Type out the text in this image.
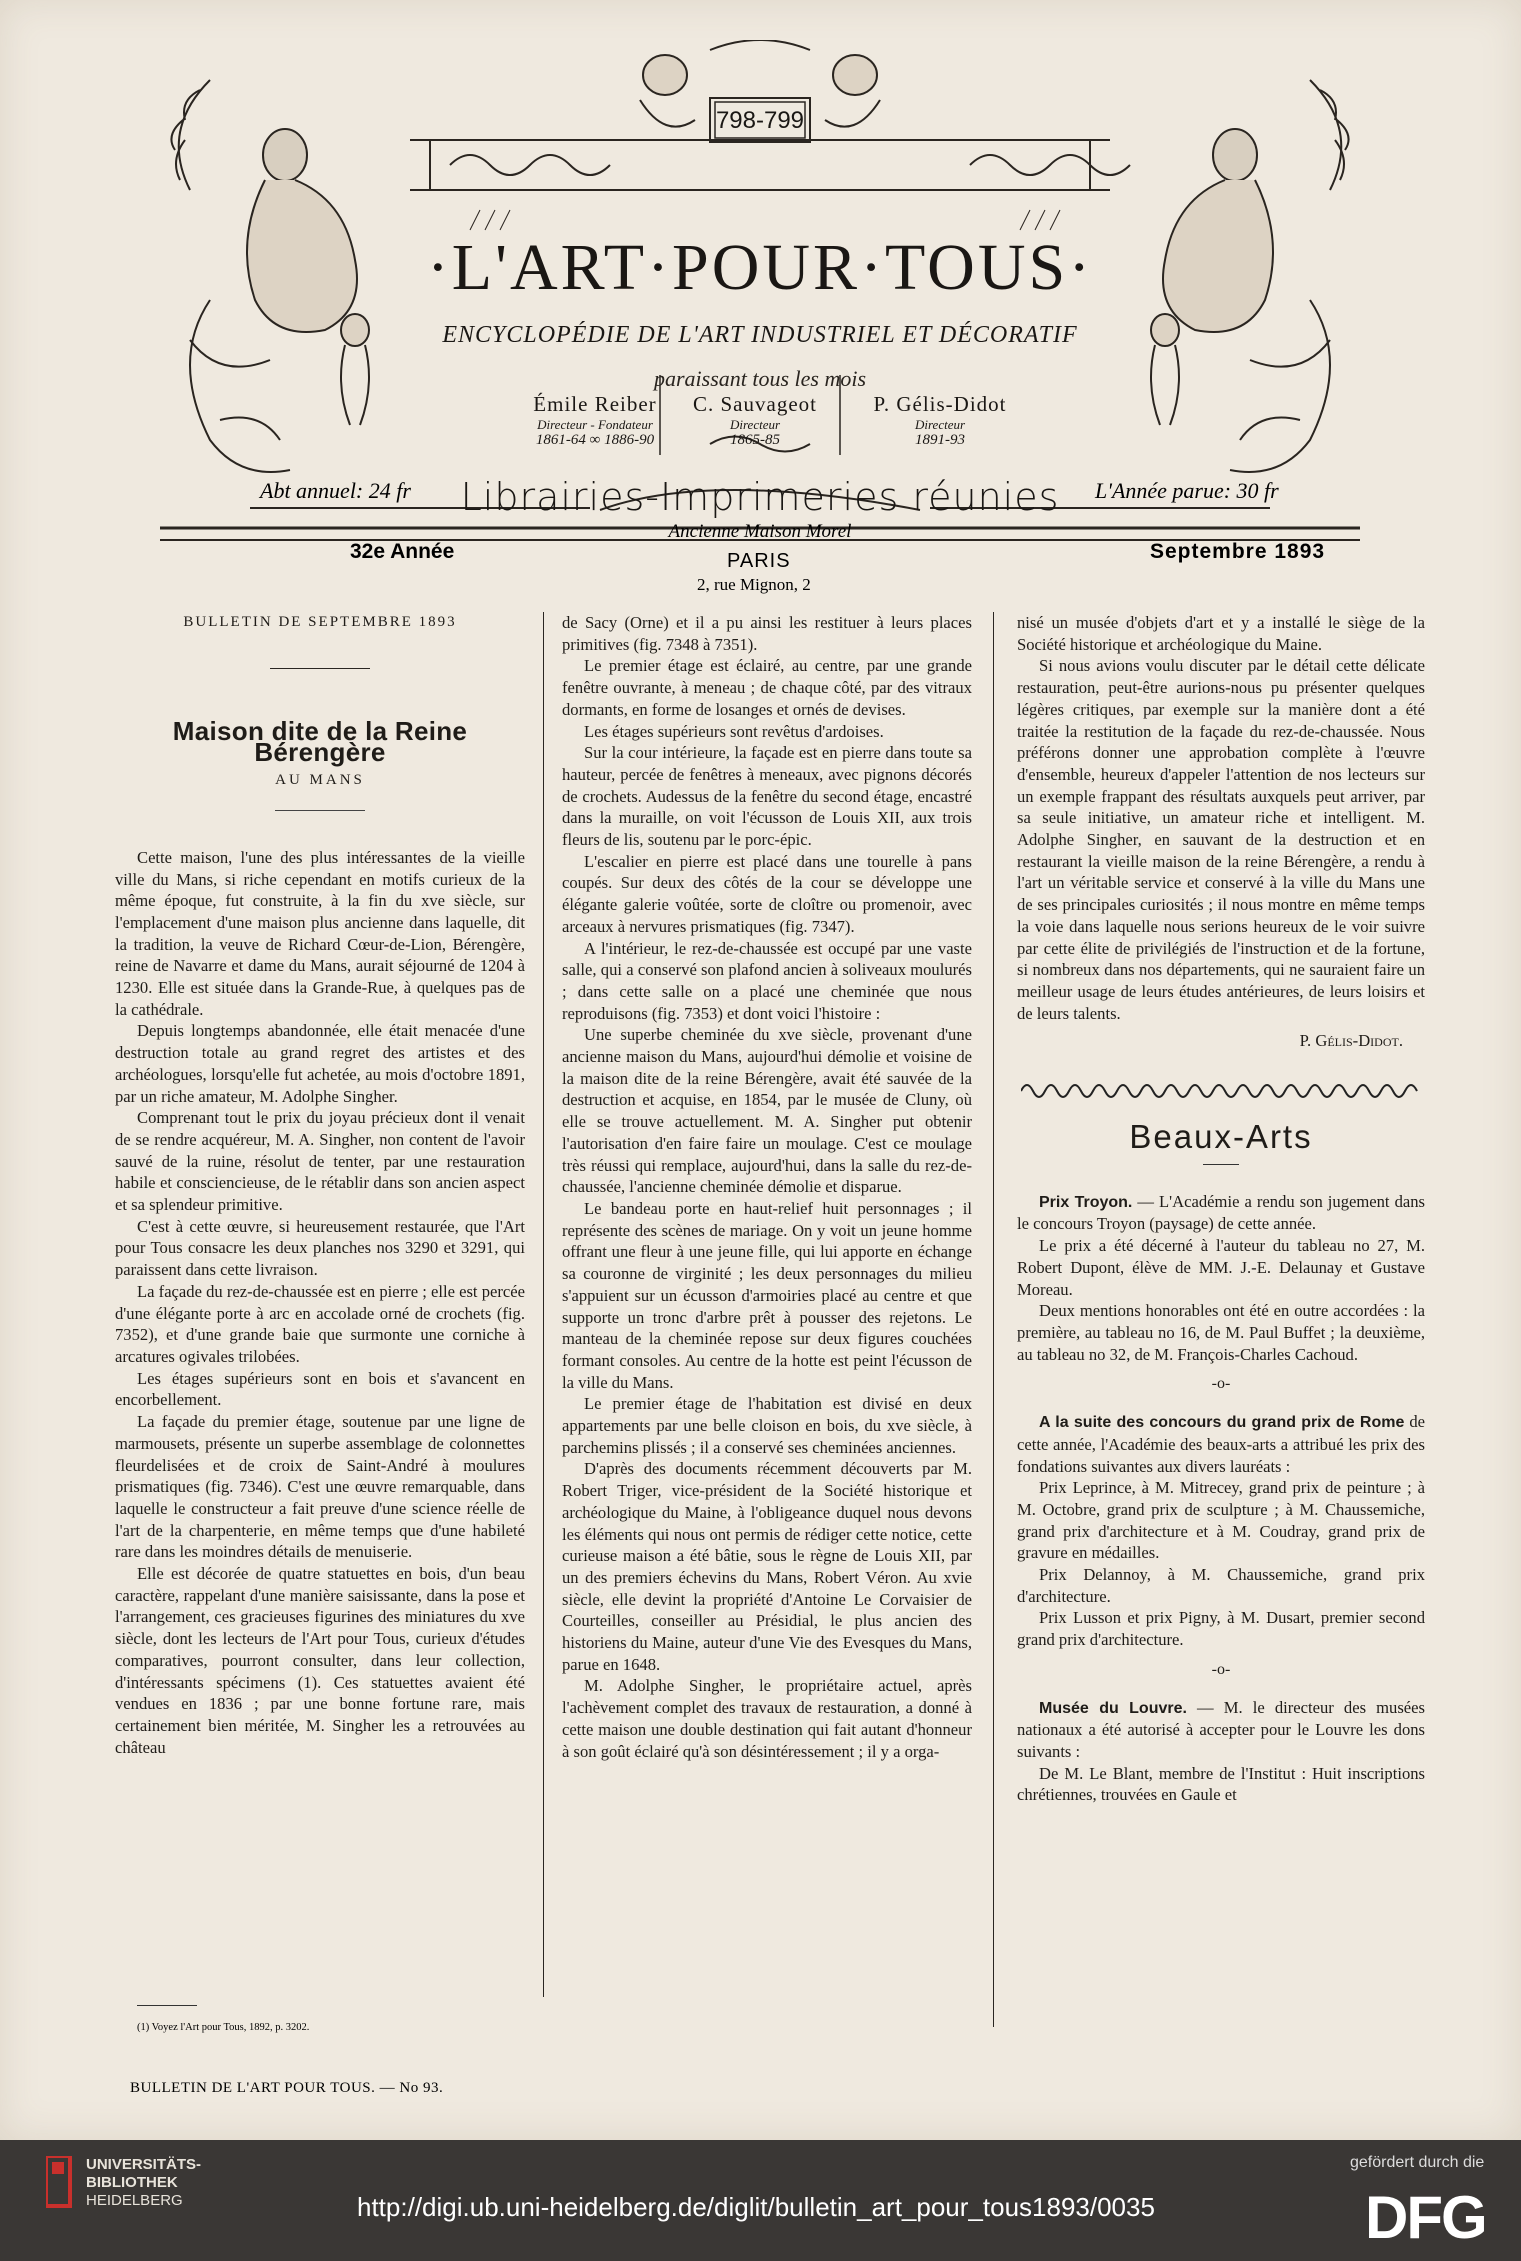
798-799
·L'ART·POUR·TOUS·
ENCYCLOPÉDIE DE L'ART INDUSTRIEL ET DÉCORATIF
paraissant tous les mois
Émile Reiber
Directeur - Fondateur
1861-64 ∞ 1886-90
C. Sauvageot
Directeur
1865-85
P. Gélis-Didot
Directeur
1891-93
Librairies-Imprimeries réunies
Ancienne Maison Morel
Abt annuel: 24 fr	L'Année parue: 30 fr
PARIS
2, rue Mignon, 2
32e Année	Septembre 1893

BULLETIN DE SEPTEMBRE 1893

Maison dite de la Reine Bérengère
AU MANS

Cette maison, l'une des plus intéressantes de la vieille ville du Mans, si riche cependant en motifs curieux de la même époque, fut construite, à la fin du xve siècle, sur l'emplacement d'une maison plus ancienne dans laquelle, dit la tradition, la veuve de Richard Cœur-de-Lion, Bérengère, reine de Navarre et dame du Mans, aurait séjourné de 1204 à 1230. Elle est située dans la Grande-Rue, à quelques pas de la cathédrale.

Depuis longtemps abandonnée, elle était menacée d'une destruction totale au grand regret des artistes et des archéologues, lorsqu'elle fut achetée, au mois d'octobre 1891, par un riche amateur, M. Adolphe Singher.

Comprenant tout le prix du joyau précieux dont il venait de se rendre acquéreur, M. A. Singher, non content de l'avoir sauvé de la ruine, résolut de tenter, par une restauration habile et consciencieuse, de le rétablir dans son ancien aspect et sa splendeur primitive.

C'est à cette œuvre, si heureusement restaurée, que l'Art pour Tous consacre les deux planches nos 3290 et 3291, qui paraissent dans cette livraison.

La façade du rez-de-chaussée est en pierre ; elle est percée d'une élégante porte à arc en accolade orné de crochets (fig. 7352), et d'une grande baie que surmonte une corniche à arcatures ogivales trilobées.

Les étages supérieurs sont en bois et s'avancent en encorbellement.

La façade du premier étage, soutenue par une ligne de marmousets, présente un superbe assemblage de colonnettes fleurdelisées et de croix de Saint-André à moulures prismatiques (fig. 7346). C'est une œuvre remarquable, dans laquelle le constructeur a fait preuve d'une science réelle de l'art de la charpenterie, en même temps que d'une habileté rare dans les moindres détails de menuiserie.

Elle est décorée de quatre statuettes en bois, d'un beau caractère, rappelant d'une manière saisissante, dans la pose et l'arrangement, ces gracieuses figurines des miniatures du xve siècle, dont les lecteurs de l'Art pour Tous, curieux d'études comparatives, pourront consulter, dans leur collection, d'intéressants spécimens (1). Ces statuettes avaient été vendues en 1836 ; par une bonne fortune rare, mais certainement bien méritée, M. Singher les a retrouvées au château

(1) Voyez l'Art pour Tous, 1892, p. 3202.
BULLETIN DE L'ART POUR TOUS. — No 93.

de Sacy (Orne) et il a pu ainsi les restituer à leurs places primitives (fig. 7348 à 7351).

Le premier étage est éclairé, au centre, par une grande fenêtre ouvrante, à meneau ; de chaque côté, par des vitraux dormants, en forme de losanges et ornés de devises.

Les étages supérieurs sont revêtus d'ardoises.

Sur la cour intérieure, la façade est en pierre dans toute sa hauteur, percée de fenêtres à meneaux, avec pignons décorés de crochets. Audessus de la fenêtre du second étage, encastré dans la muraille, on voit l'écusson de Louis XII, aux trois fleurs de lis, soutenu par le porc-épic.

L'escalier en pierre est placé dans une tourelle à pans coupés. Sur deux des côtés de la cour se développe une élégante galerie voûtée, sorte de cloître ou promenoir, avec arceaux à nervures prismatiques (fig. 7347).

A l'intérieur, le rez-de-chaussée est occupé par une vaste salle, qui a conservé son plafond ancien à soliveaux moulurés ; dans cette salle on a placé une cheminée que nous reproduisons (fig. 7353) et dont voici l'histoire :

Une superbe cheminée du xve siècle, provenant d'une ancienne maison du Mans, aujourd'hui démolie et voisine de la maison dite de la reine Bérengère, avait été sauvée de la destruction et acquise, en 1854, par le musée de Cluny, où elle se trouve actuellement. M. A. Singher put obtenir l'autorisation d'en faire faire un moulage. C'est ce moulage très réussi qui remplace, aujourd'hui, dans la salle du rez-de-chaussée, l'ancienne cheminée démolie et disparue.

Le bandeau porte en haut-relief huit personnages ; il représente des scènes de mariage. On y voit un jeune homme offrant une fleur à une jeune fille, qui lui apporte en échange sa couronne de virginité ; les deux personnages du milieu s'appuient sur un écusson d'armoiries placé au centre et que supporte un tronc d'arbre prêt à pousser des rejetons. Le manteau de la cheminée repose sur deux figures couchées formant consoles. Au centre de la hotte est peint l'écusson de la ville du Mans.

Le premier étage de l'habitation est divisé en deux appartements par une belle cloison en bois, du xve siècle, à parchemins plissés ; il a conservé ses cheminées anciennes.

D'après des documents récemment découverts par M. Robert Triger, vice-président de la Société historique et archéologique du Maine, à l'obligeance duquel nous devons les éléments qui nous ont permis de rédiger cette notice, cette curieuse maison a été bâtie, sous le règne de Louis XII, par un des premiers échevins du Mans, Robert Véron. Au xvie siècle, elle devint la propriété d'Antoine Le Corvaisier de Courteilles, conseiller au Présidial, le plus ancien des historiens du Maine, auteur d'une Vie des Evesques du Mans, parue en 1648.

M. Adolphe Singher, le propriétaire actuel, après l'achèvement complet des travaux de restauration, a donné à cette maison une double destination qui fait autant d'honneur à son goût éclairé qu'à son désintéressement ; il y a orga-

nisé un musée d'objets d'art et y a installé le siège de la Société historique et archéologique du Maine.

Si nous avions voulu discuter par le détail cette délicate restauration, peut-être aurions-nous pu présenter quelques légères critiques, par exemple sur la manière dont a été traitée la restitution de la façade du rez-de-chaussée. Nous préférons donner une approbation complète à l'œuvre d'ensemble, heureux d'appeler l'attention de nos lecteurs sur un exemple frappant des résultats auxquels peut arriver, par sa seule initiative, un amateur riche et intelligent. M. Adolphe Singher, en sauvant de la destruction et en restaurant la vieille maison de la reine Bérengère, a rendu à l'art un véritable service et conservé à la ville du Mans une de ses principales curiosités ; il nous montre en même temps la voie dans laquelle nous serions heureux de le voir suivre par cette élite de privilégiés de l'instruction et de la fortune, si nombreux dans nos départements, qui ne sauraient faire un meilleur usage de leurs études antérieures, de leurs loisirs et de leurs talents.

P. Gélis-Didot.
Beaux-Arts

Prix Troyon. — L'Académie a rendu son jugement dans le concours Troyon (paysage) de cette année.

Le prix a été décerné à l'auteur du tableau no 27, M. Robert Dupont, élève de MM. J.-E. Delaunay et Gustave Moreau.

Deux mentions honorables ont été en outre accordées : la première, au tableau no 16, de M. Paul Buffet ; la deuxième, au tableau no 32, de M. François-Charles Cachoud.

-o-

A la suite des concours du grand prix de Rome de cette année, l'Académie des beaux-arts a attribué les prix des fondations suivantes aux divers lauréats :

Prix Leprince, à M. Mitrecey, grand prix de peinture ; à M. Octobre, grand prix de sculpture ; à M. Chaussemiche, grand prix d'architecture et à M. Coudray, grand prix de gravure en médailles.

Prix Delannoy, à M. Chaussemiche, grand prix d'architecture.

Prix Lusson et prix Pigny, à M. Dusart, premier second grand prix d'architecture.

-o-

Musée du Louvre. — M. le directeur des musées nationaux a été autorisé à accepter pour le Louvre les dons suivants :

De M. Le Blant, membre de l'Institut : Huit inscriptions chrétiennes, trouvées en Gaule et

UNIVERSITÄTS-
BIBLIOTHEK
HEIDELBERG	http://digi.ub.uni-heidelberg.de/diglit/bulletin_art_pour_tous1893/0035
gefördert durch die
DFG
